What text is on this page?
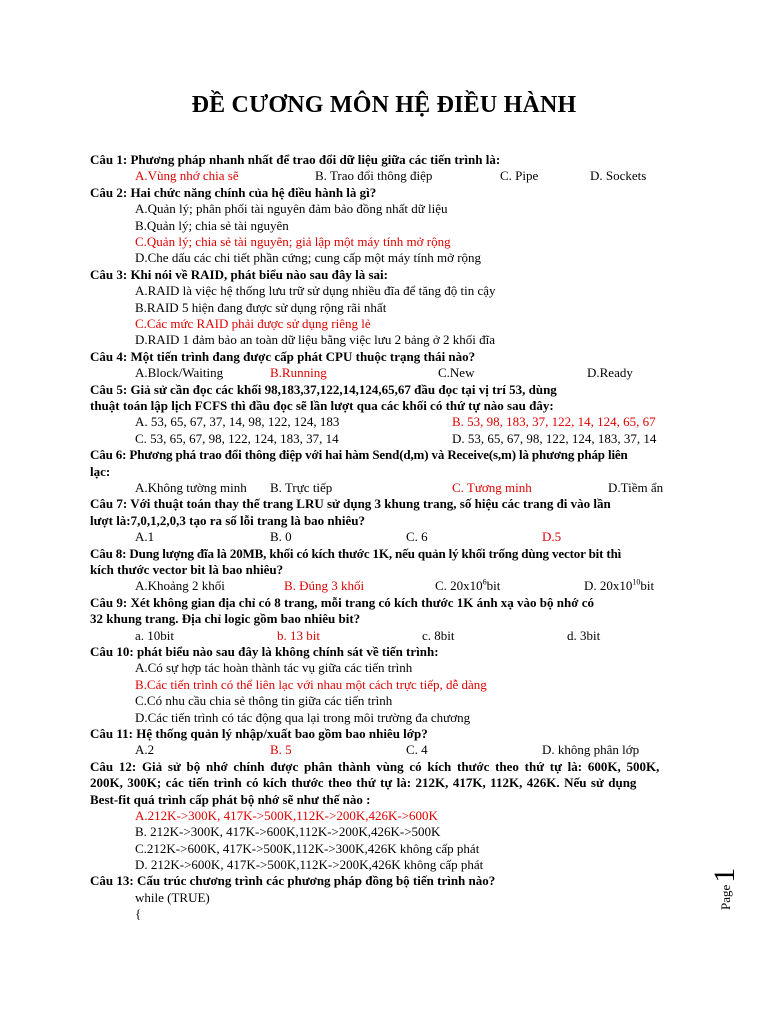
ĐỀ CƯƠNG MÔN HỆ ĐIỀU HÀNH
Câu 1: Phương pháp nhanh nhất để trao đổi dữ liệu giữa các tiến trình là:
A.Vùng nhớ chia sẽ	B. Trao đổi thông điệp	C. Pipe	D. Sockets
Câu 2: Hai chức năng chính của hệ điều hành là gì?
A.Quản lý; phân phối tài nguyên đảm bảo đồng nhất dữ liệu
B.Quản lý; chia sẻ tài nguyên
C.Quản lý; chia sẻ tài nguyên; giả lập một máy tính mở rộng
D.Che dấu các chi tiết phần cứng; cung cấp một máy tính mở rộng
Câu 3: Khi nói về RAID, phát biểu nào sau đây là sai:
A.RAID là việc hệ thống lưu trữ sử dụng nhiều đĩa để tăng độ tin cậy
B.RAID 5 hiện đang được sử dụng rộng rãi nhất
C.Các mức RAID phải được sử dụng riêng lẻ
D.RAID 1 đảm bảo an toàn dữ liệu bằng việc lưu 2 bảng ở 2 khối đĩa
Câu 4: Một tiến trình đang được cấp phát CPU thuộc trạng thái nào?
A.Block/Waiting	B.Running	C.New	D.Ready
Câu 5: Giả sử cần đọc các khối 98,183,37,122,14,124,65,67 đầu đọc tại vị trí 53, dùng
thuật toán lập lịch FCFS thì đầu đọc sẽ lần lượt qua các khối có thứ tự nào sau đây:
A. 53, 65, 67, 37, 14, 98, 122, 124, 183	B. 53, 98, 183, 37, 122, 14, 124, 65, 67
C. 53, 65, 67, 98, 122, 124, 183, 37, 14	D. 53, 65, 67, 98, 122, 124, 183, 37, 14
Câu 6: Phương phá trao đổi thông điệp với hai hàm Send(d,m) và Receive(s,m) là phương pháp liên
lạc:
A.Không tường minh B. Trực tiếp	C. Tương minh	D.Tiềm ẩn
Câu 7: Với thuật toán thay thế trang LRU sử dụng 3 khung trang, số hiệu các trang đi vào lần
lượt là:7,0,1,2,0,3 tạo ra số lỗi trang là bao nhiêu?
A.1	B. 0	C. 6	D.5
Câu 8: Dung lượng đĩa là 20MB, khối có kích thước 1K, nếu quản lý khối trống dùng vector bit thì
kích thước vector bit là bao nhiêu?
A.Khoảng 2 khối	B. Đúng 3 khối	C. $20x10^6bit$	D. $20x10^{10}bit$
Câu 9: Xét không gian địa chỉ có 8 trang, mỗi trang có kích thước 1K ánh xạ vào bộ nhớ có
32 khung trang. Địa chỉ logic gồm bao nhiêu bit?
a. 10bit	b. 13 bit	c. 8bit	d. 3bit
Câu 10: phát biểu nào sau đây là không chính sát về tiến trình:
A.Có sự hợp tác hoàn thành tác vụ giữa các tiến trình
B.Các tiến trình có thể liên lạc với nhau một cách trực tiếp, dễ dàng
C.Có nhu cầu chia sẻ thông tin giữa các tiến trình
D.Các tiến trình có tác động qua lại trong môi trường đa chương
Câu 11: Hệ thống quản lý nhập/xuất bao gồm bao nhiêu lớp?
A.2	B. 5	C. 4	D. không phân lớp
Câu 12: Giả sử bộ nhớ chính được phân thành vùng có kích thước theo thứ tự là: 600K, 500K,
200K, 300K; các tiến trình có kích thước theo thứ tự là: 212K, 417K, 112K, 426K. Nếu sử dụng
Best-fit quá trình cấp phát bộ nhớ sẽ như thế nào :
A.212K->300K, 417K->500K,112K->200K,426K->600K
B. 212K->300K, 417K->600K,112K->200K,426K->500K
C.212K->600K, 417K->500K,112K->300K,426K không cấp phát
D. 212K->600K, 417K->500K,112K->200K,426K không cấp phát
Câu 13: Cấu trúc chương trình các phương pháp đồng bộ tiến trình nào?
while (TRUE)
{
Page1
